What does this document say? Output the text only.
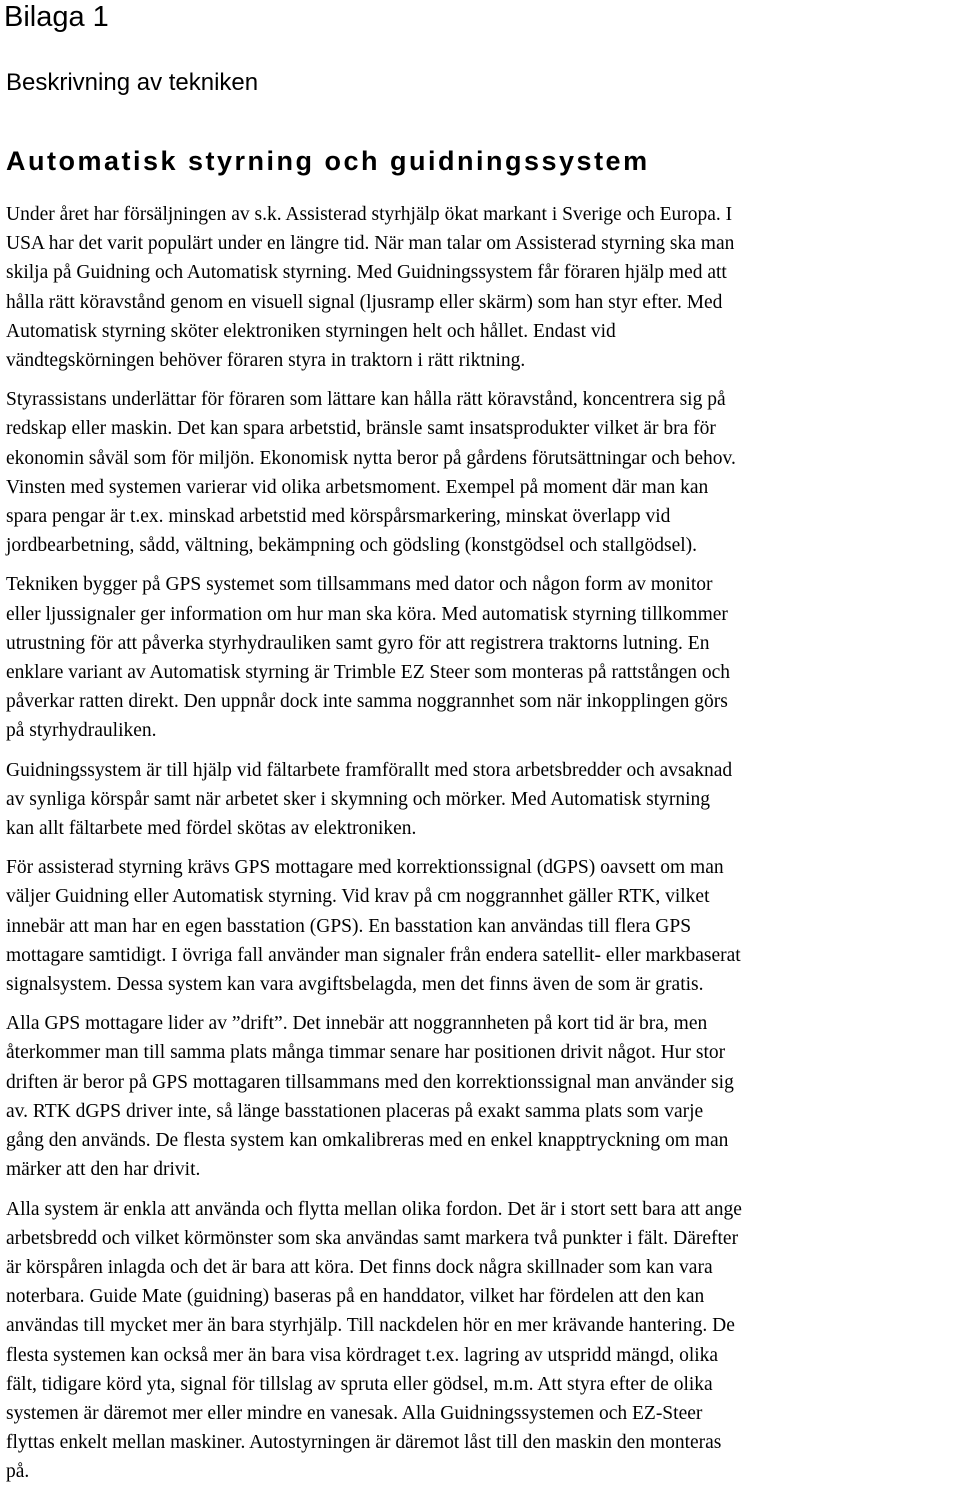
Bilaga 1
Beskrivning av tekniken
Automatisk styrning och guidningssystem

Under året har försäljningen av s.k. Assisterad styrhjälp ökat markant i Sverige och Europa. I
USA har det varit populärt under en längre tid. När man talar om Assisterad styrning ska man
skilja på Guidning och Automatisk styrning. Med Guidningssystem får föraren hjälp med att
hålla rätt köravstånd genom en visuell signal (ljusramp eller skärm) som han styr efter. Med
Automatisk styrning sköter elektroniken styrningen helt och hållet. Endast vid
vändtegskörningen behöver föraren styra in traktorn i rätt riktning.

Styrassistans underlättar för föraren som lättare kan hålla rätt köravstånd, koncentrera sig på
redskap eller maskin. Det kan spara arbetstid, bränsle samt insatsprodukter vilket är bra för
ekonomin såväl som för miljön. Ekonomisk nytta beror på gårdens förutsättningar och behov.
Vinsten med systemen varierar vid olika arbetsmoment. Exempel på moment där man kan
spara pengar är t.ex. minskad arbetstid med körspårsmarkering, minskat överlapp vid
jordbearbetning, sådd, vältning, bekämpning och gödsling (konstgödsel och stallgödsel).

Tekniken bygger på GPS systemet som tillsammans med dator och någon form av monitor
eller ljussignaler ger information om hur man ska köra. Med automatisk styrning tillkommer
utrustning för att påverka styrhydrauliken samt gyro för att registrera traktorns lutning. En
enklare variant av Automatisk styrning är Trimble EZ Steer som monteras på rattstången och
påverkar ratten direkt. Den uppnår dock inte samma noggrannhet som när inkopplingen görs
på styrhydrauliken.

Guidningssystem är till hjälp vid fältarbete framförallt med stora arbetsbredder och avsaknad
av synliga körspår samt när arbetet sker i skymning och mörker. Med Automatisk styrning
kan allt fältarbete med fördel skötas av elektroniken.

För assisterad styrning krävs GPS mottagare med korrektionssignal (dGPS) oavsett om man
väljer Guidning eller Automatisk styrning. Vid krav på cm noggrannhet gäller RTK, vilket
innebär att man har en egen basstation (GPS). En basstation kan användas till flera GPS
mottagare samtidigt. I övriga fall använder man signaler från endera satellit- eller markbaserat
signalsystem. Dessa system kan vara avgiftsbelagda, men det finns även de som är gratis.

Alla GPS mottagare lider av ”drift”. Det innebär att noggrannheten på kort tid är bra, men
återkommer man till samma plats många timmar senare har positionen drivit något. Hur stor
driften är beror på GPS mottagaren tillsammans med den korrektionssignal man använder sig
av. RTK dGPS driver inte, så länge basstationen placeras på exakt samma plats som varje
gång den används. De flesta system kan omkalibreras med en enkel knapptryckning om man
märker att den har drivit.

Alla system är enkla att använda och flytta mellan olika fordon. Det är i stort sett bara att ange
arbetsbredd och vilket körmönster som ska användas samt markera två punkter i fält. Därefter
är körspåren inlagda och det är bara att köra. Det finns dock några skillnader som kan vara
noterbara. Guide Mate (guidning) baseras på en handdator, vilket har fördelen att den kan
användas till mycket mer än bara styrhjälp. Till nackdelen hör en mer krävande hantering. De
flesta systemen kan också mer än bara visa kördraget t.ex. lagring av utspridd mängd, olika
fält, tidigare körd yta, signal för tillslag av spruta eller gödsel, m.m. Att styra efter de olika
systemen är däremot mer eller mindre en vanesak. Alla Guidningssystemen och EZ-Steer
flyttas enkelt mellan maskiner. Autostyrningen är däremot låst till den maskin den monteras
på.
